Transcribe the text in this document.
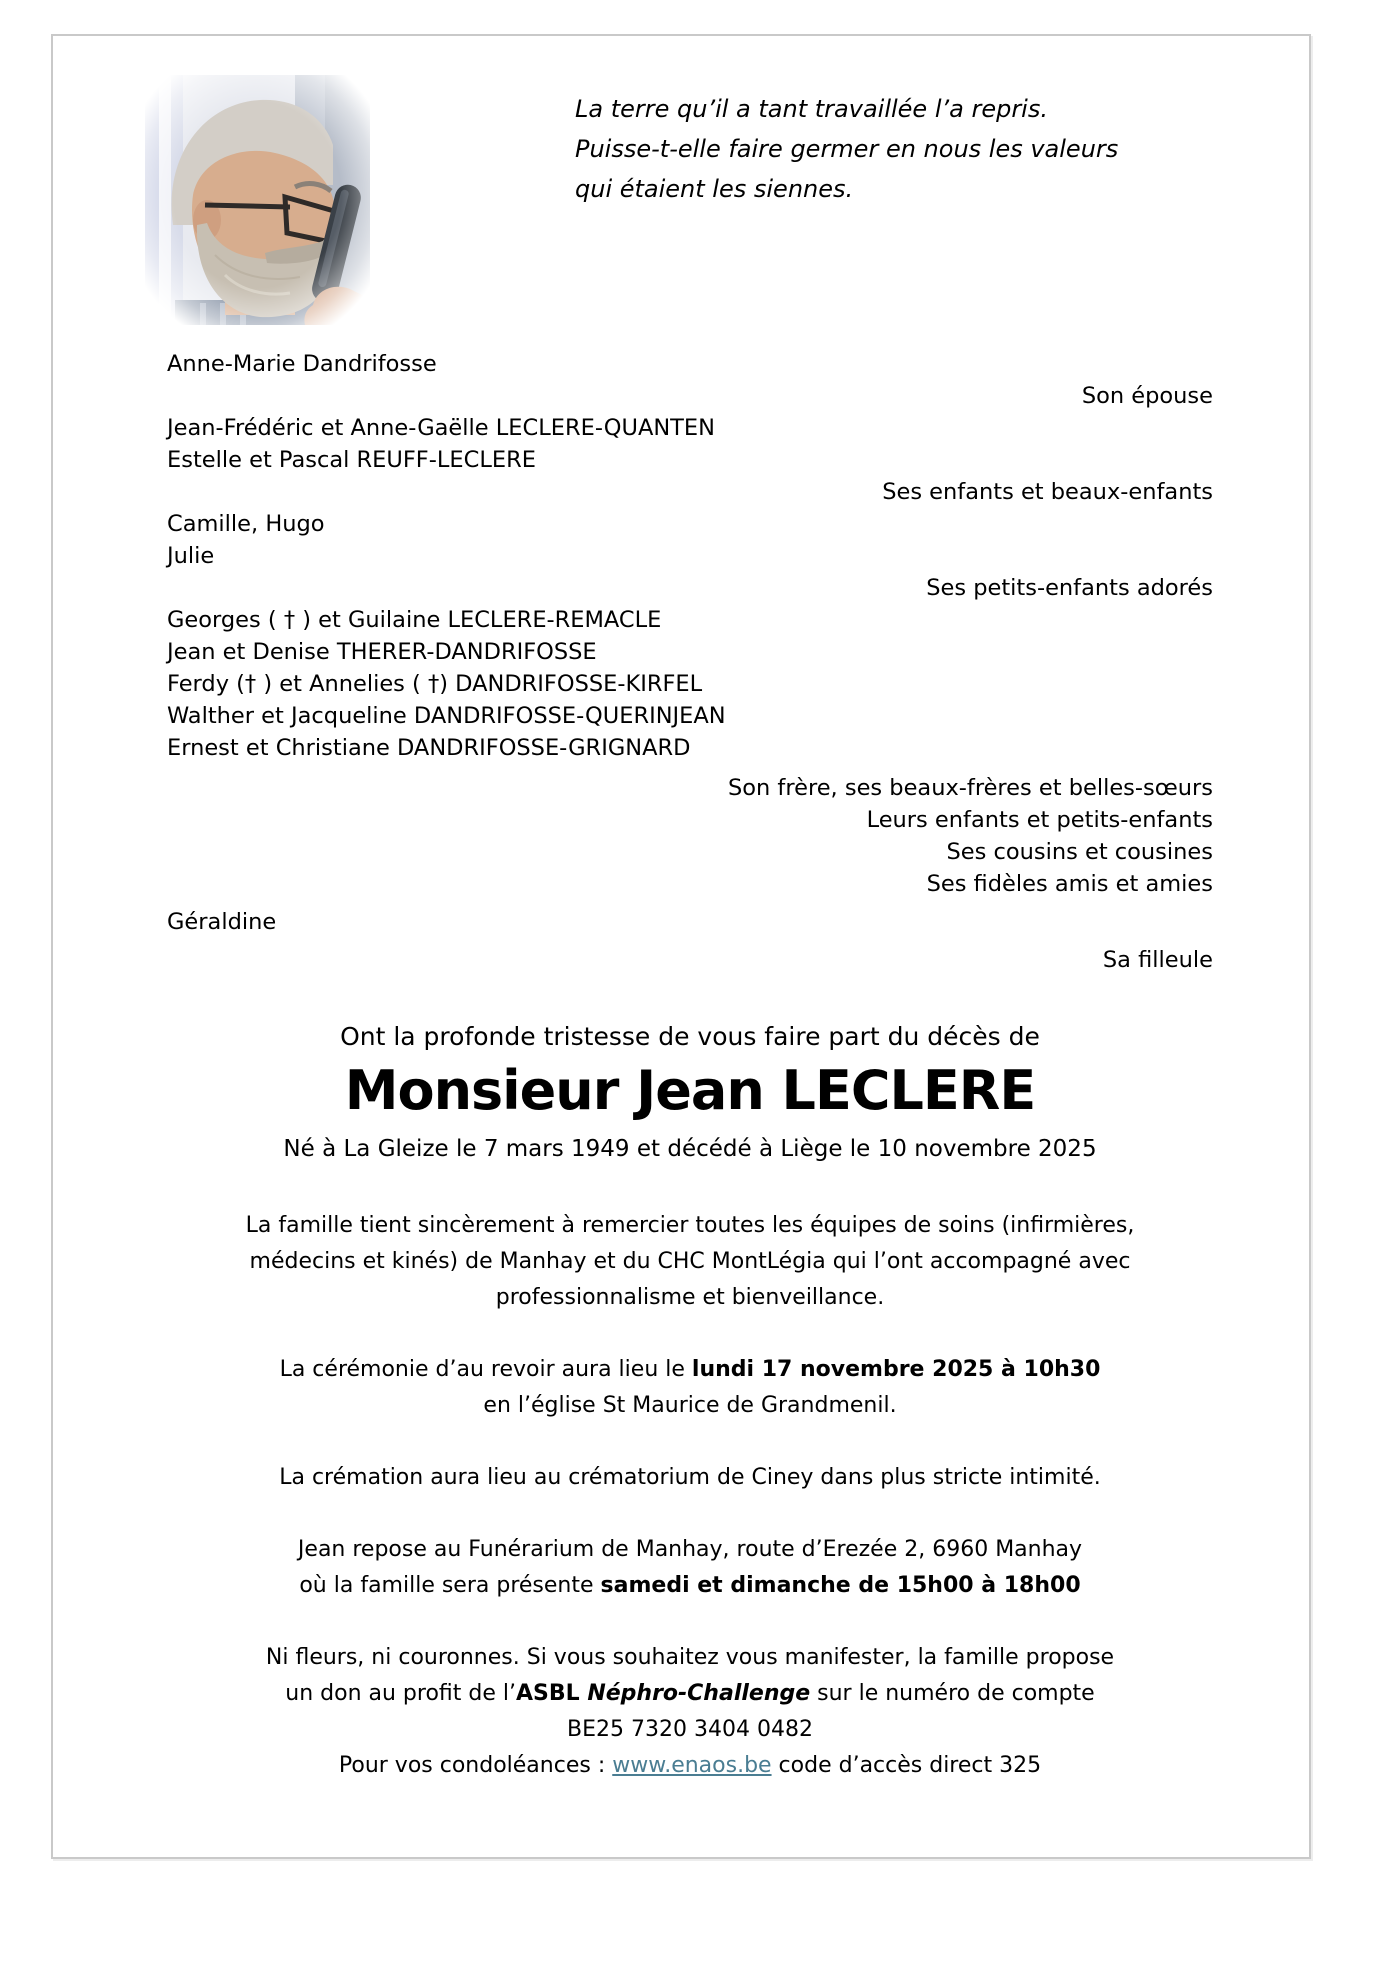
La terre qu’il a tant travaillée l’a repris.
Puisse-t-elle faire germer en nous les valeurs
qui étaient les siennes.
Anne-Marie Dandrifosse
Son épouse
Jean-Frédéric et Anne-Gaëlle LECLERE-QUANTEN
Estelle et Pascal REUFF-LECLERE
Ses enfants et beaux-enfants
Camille, Hugo
Julie
Ses petits-enfants adorés
Georges ( † ) et Guilaine LECLERE-REMACLE
Jean et Denise THERER-DANDRIFOSSE
Ferdy († ) et Annelies ( †) DANDRIFOSSE-KIRFEL
Walther et Jacqueline DANDRIFOSSE-QUERINJEAN
Ernest et Christiane DANDRIFOSSE-GRIGNARD
Son frère, ses beaux-frères et belles-sœurs
Leurs enfants et petits-enfants
Ses cousins et cousines
Ses fidèles amis et amies
Géraldine
Sa filleule
Ont la profonde tristesse de vous faire part du décès de
Monsieur Jean LECLERE
Né à La Gleize le 7 mars 1949 et décédé à Liège le 10 novembre 2025
La famille tient sincèrement à remercier toutes les équipes de soins (infirmières,
médecins et kinés) de Manhay et du CHC MontLégia qui l’ont accompagné avec
professionnalisme et bienveillance.
La cérémonie d’au revoir aura lieu le lundi 17 novembre 2025 à 10h30
en l’église St Maurice de Grandmenil.
La crémation aura lieu au crématorium de Ciney dans plus stricte intimité.
Jean repose au Funérarium de Manhay, route d’Erezée 2, 6960 Manhay
où la famille sera présente samedi et dimanche de 15h00 à 18h00
Ni fleurs, ni couronnes. Si vous souhaitez vous manifester, la famille propose
un don au profit de l’ASBL Néphro-Challenge sur le numéro de compte
BE25 7320 3404 0482
Pour vos condoléances : www.enaos.be code d’accès direct 325
